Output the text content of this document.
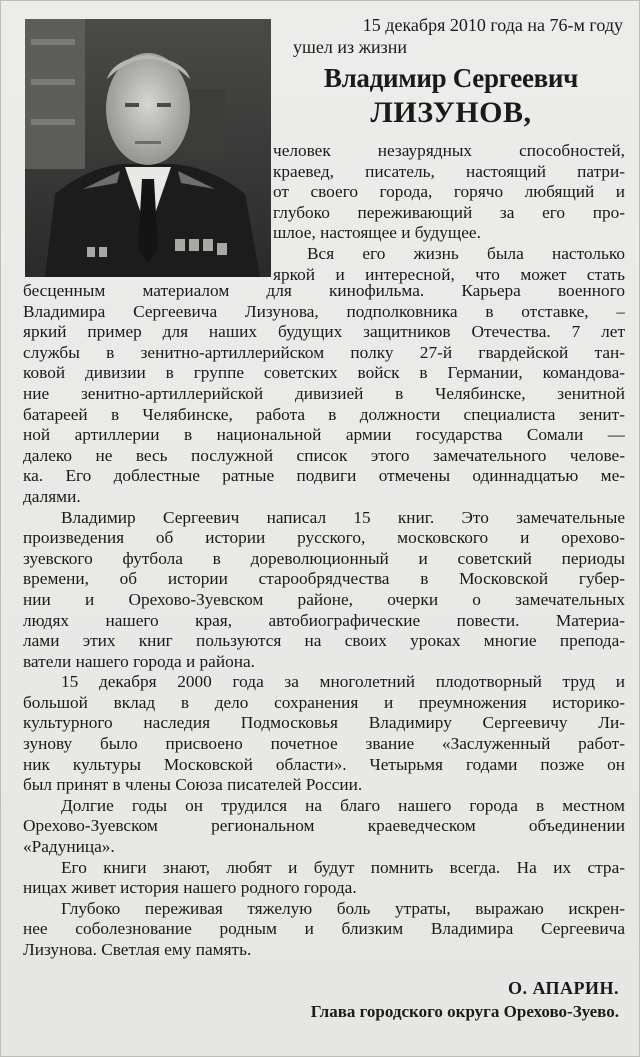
15 декабря 2010 года на 76-м году
ушел из жизни
Владимир Сергеевич
ЛИЗУНОВ,
человек незаурядных способностей,
краевед, писатель, настоящий патри-
от своего города, горячо любящий и
глубоко переживающий за его про-
шлое, настоящее и будущее.
Вся его жизнь была настолько
яркой и интересной, что может стать
бесценным материалом для кинофильма. Карьера военного
Владимира Сергеевича Лизунова, подполковника в отставке, –
яркий пример для наших будущих защитников Отечества. 7 лет
службы в зенитно-артиллерийском полку 27-й гвардейской тан-
ковой дивизии в группе советских войск в Германии, командова-
ние зенитно-артиллерийской дивизией в Челябинске, зенитной
батареей в Челябинске, работа в должности специалиста зенит-
ной артиллерии в национальной армии государства Сомали —
далеко не весь послужной список этого замечательного челове-
ка. Его доблестные ратные подвиги отмечены одиннадцатью ме-
далями.
Владимир Сергеевич написал 15 книг. Это замечательные
произведения об истории русского, московского и орехово-
зуевского футбола в дореволюционный и советский периоды
времени, об истории старообрядчества в Московской губер-
нии и Орехово-Зуевском районе, очерки о замечательных
людях нашего края, автобиографические повести. Материа-
лами этих книг пользуются на своих уроках многие препода-
ватели нашего города и района.
15 декабря 2000 года за многолетний плодотворный труд и
большой вклад в дело сохранения и преумножения историко-
культурного наследия Подмосковья Владимиру Сергеевичу Ли-
зунову было присвоено почетное звание «Заслуженный работ-
ник культуры Московской области». Четырьмя годами позже он
был принят в члены Союза писателей России.
Долгие годы он трудился на благо нашего города в местном
Орехово-Зуевском региональном краеведческом объединении
«Радуница».
Его книги знают, любят и будут помнить всегда. На их стра-
ницах живет история нашего родного города.
Глубоко переживая тяжелую боль утраты, выражаю искрен-
нее соболезнование родным и близким Владимира Сергеевича
Лизунова. Светлая ему память.
О. АПАРИН.
Глава городского округа Орехово-Зуево.
